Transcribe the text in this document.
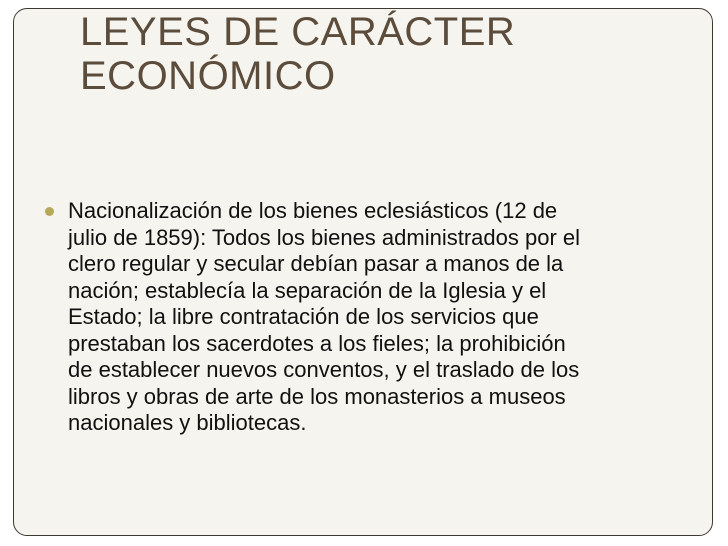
LEYES DE CARÁCTER
ECONÓMICO
Nacionalización de los bienes eclesiásticos (12 de
julio de 1859): Todos los bienes administrados por el
clero regular y secular debían pasar a manos de la
nación; establecía la separación de la Iglesia y el
Estado; la libre contratación de los servicios que
prestaban los sacerdotes a los fieles; la prohibición
de establecer nuevos conventos, y el traslado de los
libros y obras de arte de los monasterios a museos
nacionales y bibliotecas.
